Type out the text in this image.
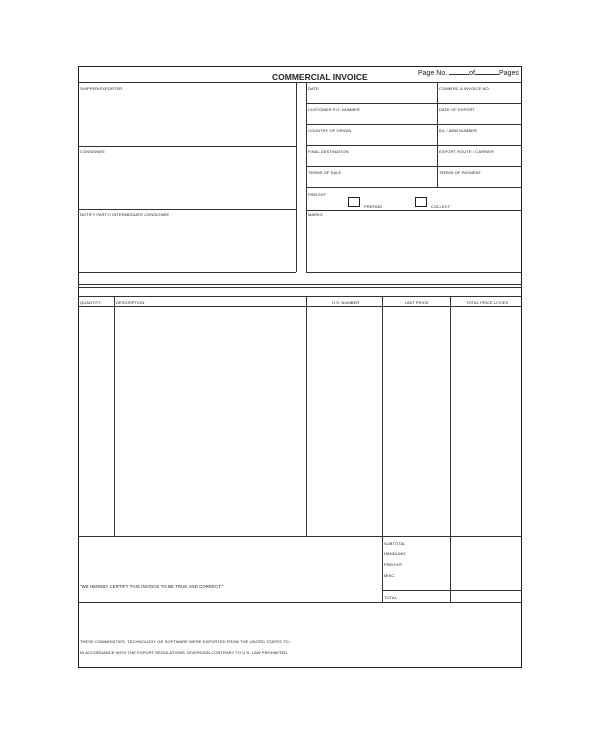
COMMERCIAL INVOICE	Page No.	of	Pages
SHIPPER/EXPORTER
CONSIGNEE
NOTIFY PARTY/ INTERMEDIATE CONSIGNEE
DATE	COMM'RC & INVOICE NO.
CUSTOMER P.O. NUMBER	DATE OF EXPORT
COUNTRY OF ORIGIN	B/L / AWB NUMBER
FINAL DESTINATION	EXPORT ROUTE / CARRIER
TERMS OF SALE	TERMS OF PAYMENT
FREIGHT
PREPAID	COLLECT
MARKS
QUANTITY	DESCRIPTION	H.S. NUMBER	UNIT PRICE	TOTAL PRICE U.S.$'S
SUBTOTAL
HANDLING
FREIGHT
MISC.
TOTAL
"WE HEREBY CERTIFY THIS INVOICE TO BE TRUE AND CORRECT."
THESE COMMODITIES, TECHNOLOGY OR SOFTWARE WERE EXPORTED FROM THE UNITED STATES TO :
IN ACCORDANCE WITH THE EXPORT REGULATIONS. DIVERSION CONTRARY TO U.S. LAW PROHIBITED.
